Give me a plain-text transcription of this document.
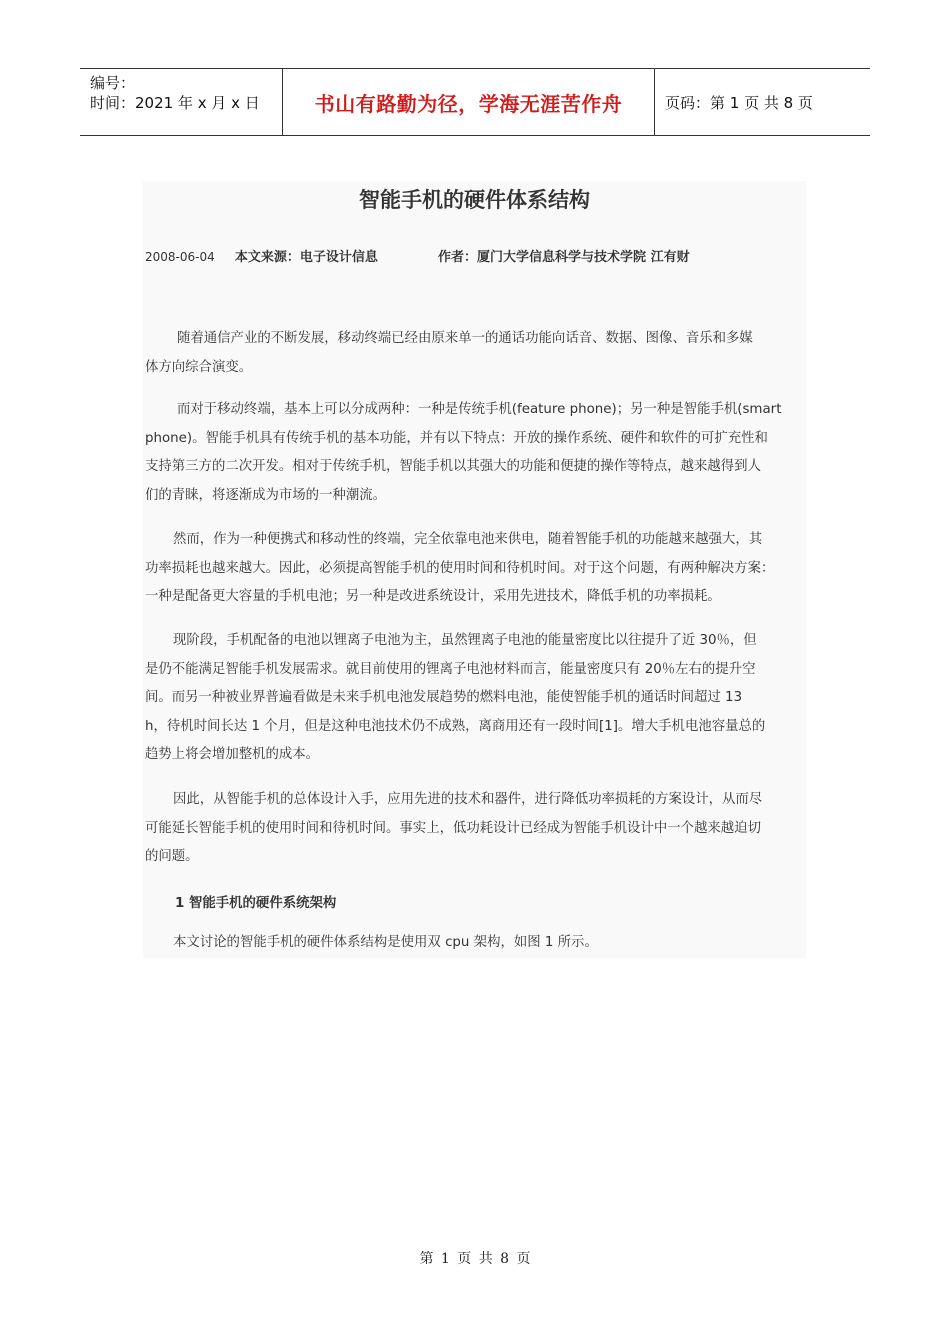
编号：
时间：2021 年 x 月 x 日	书山有路勤为径，学海无涯苦作舟	页码：第 1 页 共 8 页
智能手机的硬件体系结构
2008-06-04 本文来源：电子设计信息	作者：厦门大学信息科学与技术学院 江有财

随着通信产业的不断发展，移动终端已经由原来单一的通话功能向话音、数据、图像、音乐和多媒
体方向综合演变。

而对于移动终端，基本上可以分成两种：一种是传统手机(feature phone)；另一种是智能手机(smart
phone)。智能手机具有传统手机的基本功能，并有以下特点：开放的操作系统、硬件和软件的可扩充性和
支持第三方的二次开发。相对于传统手机，智能手机以其强大的功能和便捷的操作等特点，越来越得到人
们的青睐，将逐渐成为市场的一种潮流。

然而，作为一种便携式和移动性的终端，完全依靠电池来供电，随着智能手机的功能越来越强大，其
功率损耗也越来越大。因此，必须提高智能手机的使用时间和待机时间。对于这个问题，有两种解决方案：
一种是配备更大容量的手机电池；另一种是改进系统设计，采用先进技术，降低手机的功率损耗。

现阶段，手机配备的电池以锂离子电池为主，虽然锂离子电池的能量密度比以往提升了近 30％，但
是仍不能满足智能手机发展需求。就目前使用的锂离子电池材料而言，能量密度只有 20％左右的提升空
间。而另一种被业界普遍看做是未来手机电池发展趋势的燃料电池，能使智能手机的通话时间超过 13
h，待机时间长达 1 个月，但是这种电池技术仍不成熟，离商用还有一段时间[1]。增大手机电池容量总的
趋势上将会增加整机的成本。

因此，从智能手机的总体设计入手，应用先进的技术和器件，进行降低功率损耗的方案设计，从而尽
可能延长智能手机的使用时间和待机时间。事实上，低功耗设计已经成为智能手机设计中一个越来越迫切
的问题。

1 智能手机的硬件系统架构

本文讨论的智能手机的硬件体系结构是使用双 cpu 架构，如图 1 所示。

第 1 页 共 8 页
